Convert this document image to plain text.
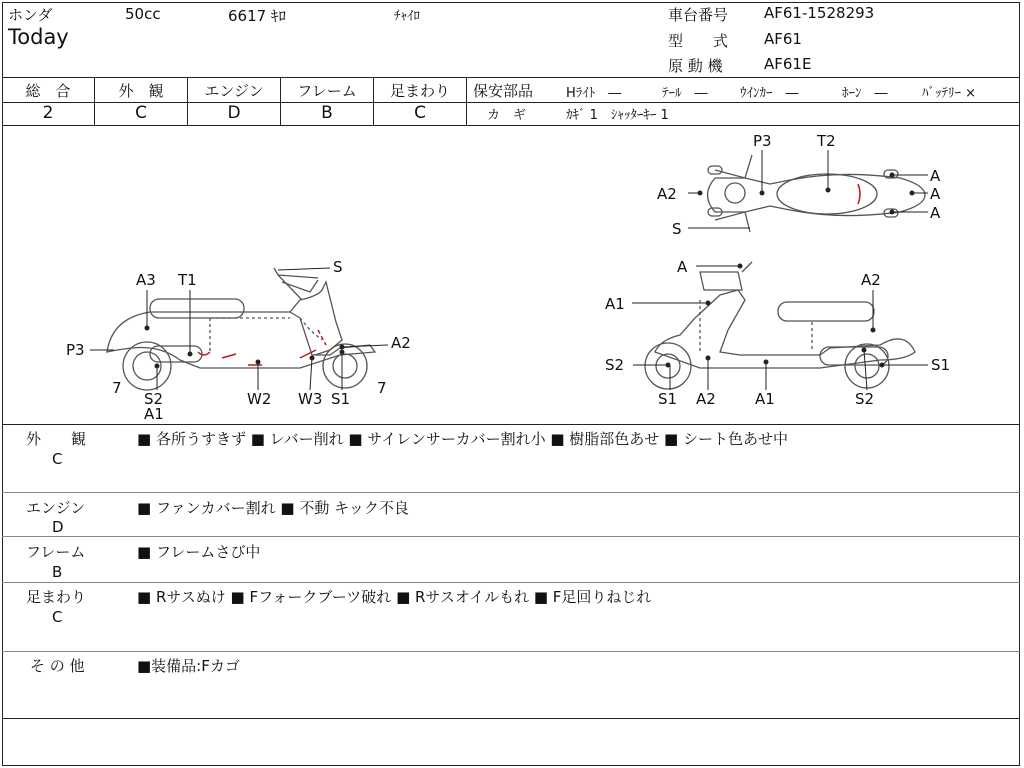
ホンダ	50cc	6617 ｷﾛ	ﾁｬｲﾛ
Today
車台番号 AF61-1528293
型　　式 AF61
原 動 機	AF61E
総　合
2
外　観
C
エンジン
D
フレーム
B
足まわり
C
保安部品	Hﾗｲﾄ　―	ﾃｰﾙ　― ｳｲﾝｶｰ　―	ﾎｰﾝ　―	ﾊﾞｯﾃﾘｰ ×
カ　ギ	ｶｷﾞ 1　ｼｬｯﾀｰｷｰ 1
A3 T1
S
P3	A2
7
S2
A1
W2 W3 S1
7
P3	T2
A
A
A
A2
S
A
A2
A1
S2	S1
S1 A2	A1	S2
外　　観
C
■ 各所うすきず ■ レバー削れ ■ サイレンサーカバー割れ小 ■ 樹脂部色あせ ■ シート色あせ中
エンジン
D
■ ファンカバー割れ ■ 不動 キック不良
フレーム
B
■ フレームさび中
足まわり
C
■ Rサスぬけ ■ Fフォークブーツ破れ ■ Rサスオイルもれ ■ F足回りねじれ
そ の 他	■装備品:Fカゴ
